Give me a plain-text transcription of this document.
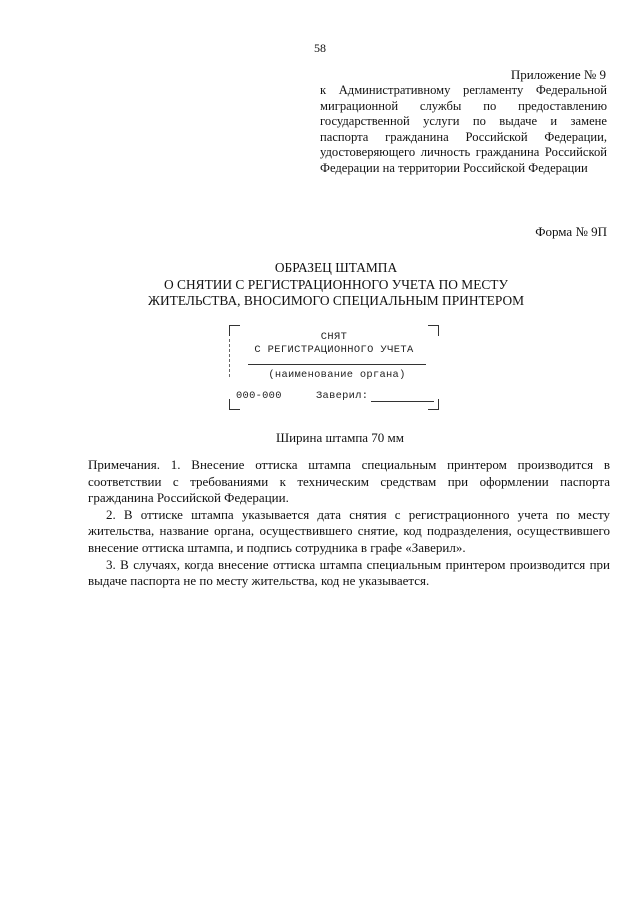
58
Приложение № 9
к Административному регламенту Федеральной миграционной службы по предоставлению государственной услуги по выдаче и замене паспорта гражданина Российской Федерации, удостоверяющего личность гражданина Российской Федерации на территории Российской Федерации
Форма № 9П
ОБРАЗЕЦ ШТАМПА
О СНЯТИИ С РЕГИСТРАЦИОННОГО УЧЕТА ПО МЕСТУ
ЖИТЕЛЬСТВА, ВНОСИМОГО СПЕЦИАЛЬНЫМ ПРИНТЕРОМ
СНЯТ
С РЕГИСТРАЦИОННОГО УЧЕТА
(наименование органа)
000-000	Заверил:
Ширина штампа 70 мм

Примечания. 1. Внесение оттиска штампа специальным принтером производится в соответствии с требованиями к техническим средствам при оформлении паспорта гражданина Российской Федерации.

2. В оттиске штампа указывается дата снятия с регистрационного учета по месту жительства, название органа, осуществившего снятие, код подразделения, осуществившего внесение оттиска штампа, и подпись сотрудника в графе «Заверил».

3. В случаях, когда внесение оттиска штампа специальным принтером производится при выдаче паспорта не по месту жительства, код не указывается.
